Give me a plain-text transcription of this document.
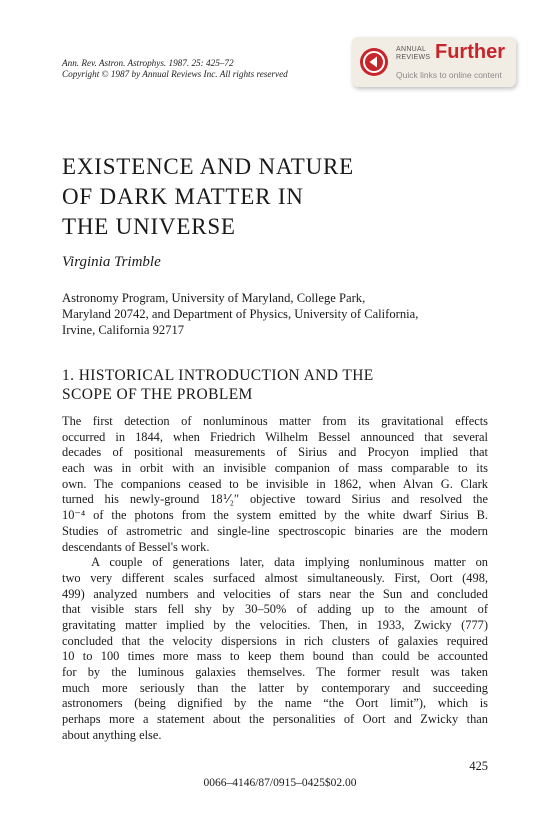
Ann. Rev. Astron. Astrophys. 1987. 25: 425–72
Copyright © 1987 by Annual Reviews Inc. All rights reserved
ANNUAL
REVIEWS Further
Quick links to online content
EXISTENCE AND NATURE
OF DARK MATTER IN
THE UNIVERSE
Virginia Trimble
Astronomy Program, University of Maryland, College Park,
Maryland 20742, and Department of Physics, University of California,
Irvine, California 92717
1. HISTORICAL INTRODUCTION AND THE
SCOPE OF THE PROBLEM
The first detection of nonluminous matter from its gravitational effects
occurred in 1844, when Friedrich Wilhelm Bessel announced that several
decades of positional measurements of Sirius and Procyon implied that
each was in orbit with an invisible companion of mass comparable to its
own. The companions ceased to be invisible in 1862, when Alvan G. Clark
turned his newly-ground 18⅟₂″ objective toward Sirius and resolved the
10⁻⁴ of the photons from the system emitted by the white dwarf Sirius B.
Studies of astrometric and single-line spectroscopic binaries are the modern
descendants of Bessel's work.
A couple of generations later, data implying nonluminous matter on
two very different scales surfaced almost simultaneously. First, Oort (498,
499) analyzed numbers and velocities of stars near the Sun and concluded
that visible stars fell shy by 30–50% of adding up to the amount of
gravitating matter implied by the velocities. Then, in 1933, Zwicky (777)
concluded that the velocity dispersions in rich clusters of galaxies required
10 to 100 times more mass to keep them bound than could be accounted
for by the luminous galaxies themselves. The former result was taken
much more seriously than the latter by contemporary and succeeding
astronomers (being dignified by the name “the Oort limit”), which is
perhaps more a statement about the personalities of Oort and Zwicky than
about anything else.
425
0066–4146/87/0915–0425$02.00
